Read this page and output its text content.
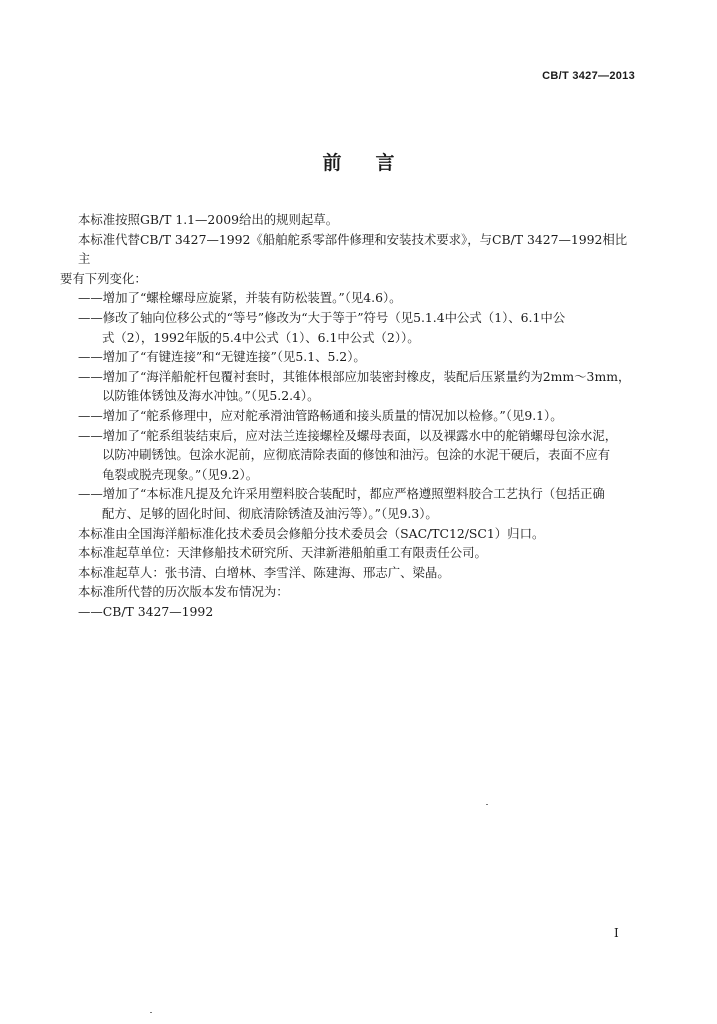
CB/T 3427—2013
前言

本标准按照GB/T 1.1—2009给出的规则起草。

本标准代替CB/T 3427—1992《船舶舵系零部件修理和安装技术要求》，与CB/T 3427—1992相比主

要有下列变化：

——增加了“螺栓螺母应旋紧，并装有防松装置。”（见4.6）。

——修改了轴向位移公式的“等号”修改为“大于等于”符号（见5.1.4中公式（1）、6.1中公
式（2），1992年版的5.4中公式（1）、6.1中公式（2））。

——增加了“有键连接”和“无键连接”（见5.1、5.2）。

——增加了“海洋船舵杆包覆衬套时，其锥体根部应加装密封橡皮，装配后压紧量约为2mm～3mm，
以防锥体锈蚀及海水冲蚀。”（见5.2.4）。

——增加了“舵系修理中，应对舵承滑油管路畅通和接头质量的情况加以检修。”（见9.1）。

——增加了“舵系组装结束后，应对法兰连接螺栓及螺母表面，以及裸露水中的舵销螺母包涂水泥，
以防冲刷锈蚀。包涂水泥前，应彻底清除表面的修蚀和油污。包涂的水泥干硬后，表面不应有
龟裂或脱壳现象。”（见9.2）。

——增加了“本标准凡提及允许采用塑料胶合装配时，都应严格遵照塑料胶合工艺执行（包括正确
配方、足够的固化时间、彻底清除锈渣及油污等）。”（见9.3）。

本标准由全国海洋船标准化技术委员会修船分技术委员会（SAC/TC12/SC1）归口。

本标准起草单位：天津修船技术研究所、天津新港船舶重工有限责任公司。

本标准起草人：张书清、白增林、李雪洋、陈建海、邢志广、梁晶。

本标准所代替的历次版本发布情况为：

——CB/T 3427—1992

I
